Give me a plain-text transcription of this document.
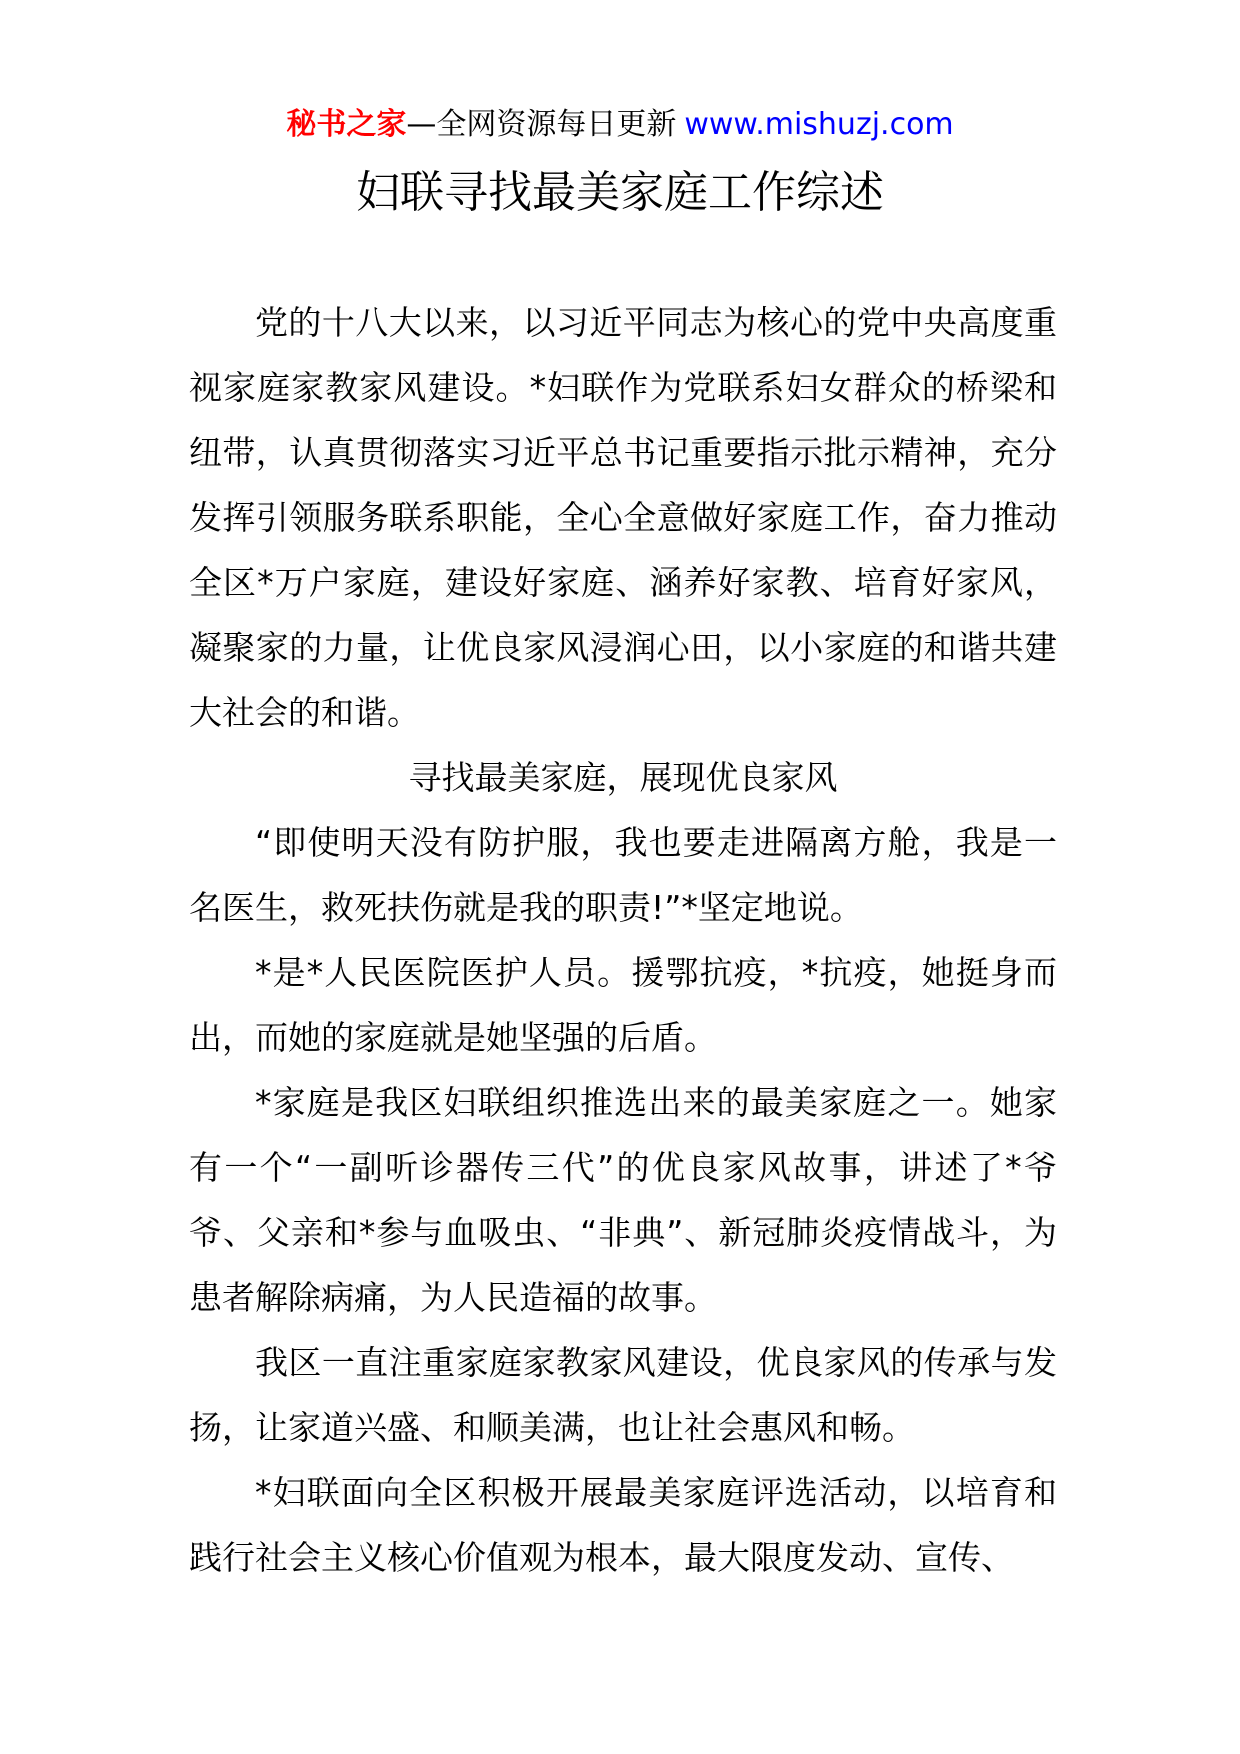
秘书之家—全网资源每日更新 www.mishuzj.com
妇联寻找最美家庭工作综述

党的十八大以来，以习近平同志为核心的党中央高度重视家庭家教家风建设。*妇联作为党联系妇女群众的桥梁和纽带，认真贯彻落实习近平总书记重要指示批示精神，充分发挥引领服务联系职能，全心全意做好家庭工作，奋力推动全区*万户家庭，建设好家庭、涵养好家教、培育好家风，凝聚家的力量，让优良家风浸润心田，以小家庭的和谐共建大社会的和谐。

寻找最美家庭，展现优良家风

“即使明天没有防护服，我也要走进隔离方舱，我是一名医生，救死扶伤就是我的职责!”*坚定地说。

*是*人民医院医护人员。援鄂抗疫，*抗疫，她挺身而出，而她的家庭就是她坚强的后盾。

*家庭是我区妇联组织推选出来的最美家庭之一。她家有一个“一副听诊器传三代”的优良家风故事，讲述了*爷爷、父亲和*参与血吸虫、“非典”、新冠肺炎疫情战斗，为患者解除病痛，为人民造福的故事。

我区一直注重家庭家教家风建设，优良家风的传承与发扬，让家道兴盛、和顺美满，也让社会惠风和畅。

*妇联面向全区积极开展最美家庭评选活动，以培育和践行社会主义核心价值观为根本，最大限度发动、宣传、
